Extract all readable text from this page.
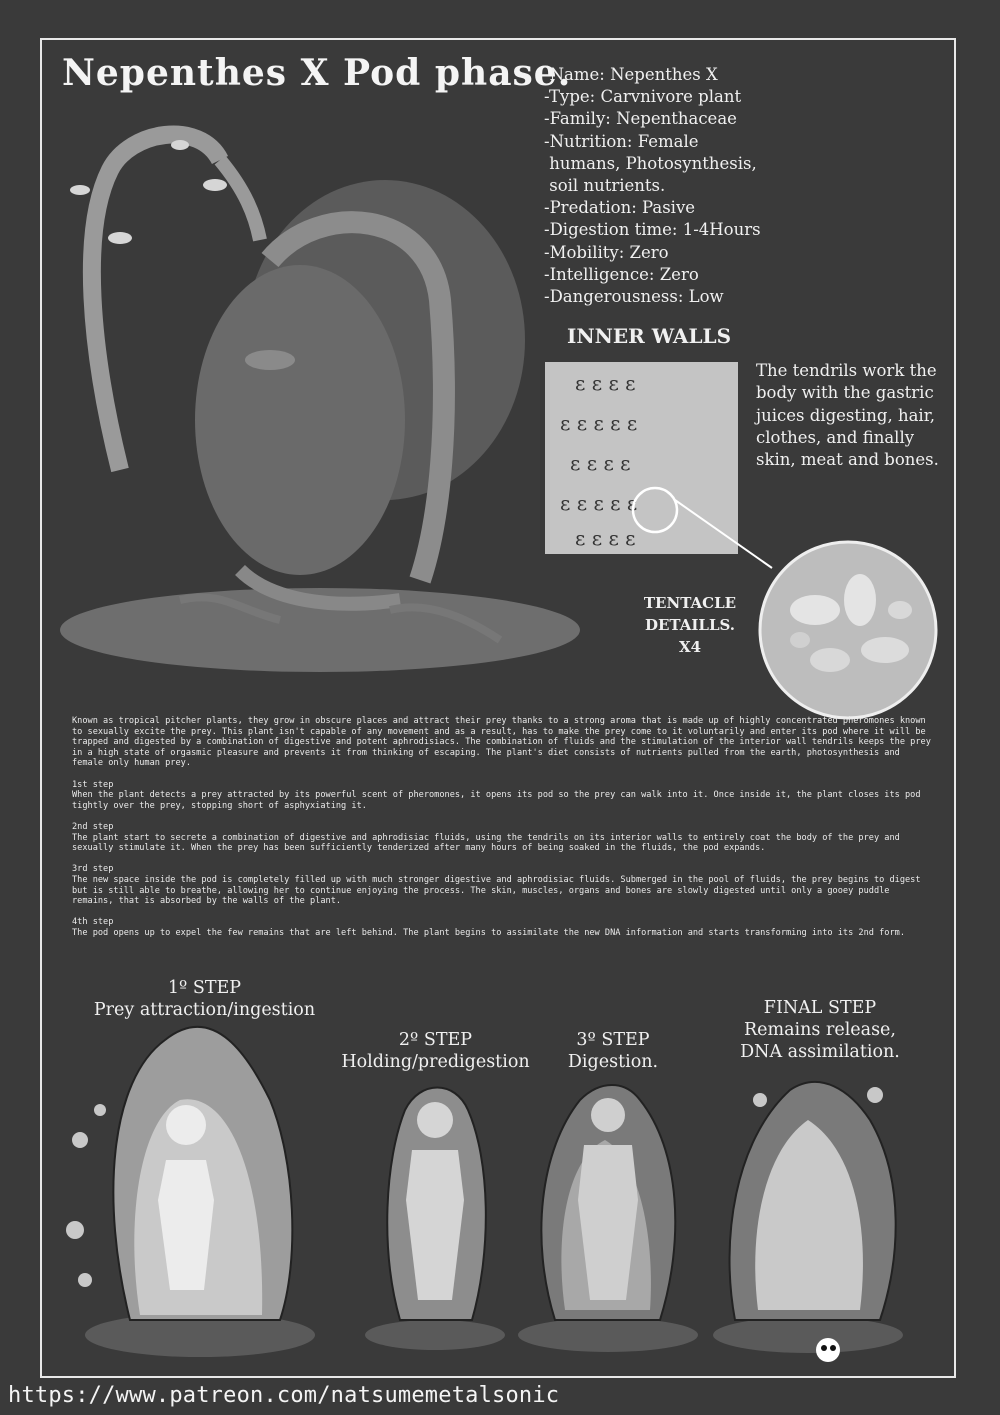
ε ε ε ε
ε ε ε ε ε
ε ε ε ε
ε ε ε ε ε
ε ε ε ε
Nepenthes X Pod phase.
-Name: Nepenthes X
-Type: Carvnivore plant
-Family: Nepenthaceae
-Nutrition: Female
humans, Photosynthesis,
soil nutrients.
-Predation: Pasive
-Digestion time: 1-4Hours
-Mobility: Zero
-Intelligence: Zero
-Dangerousness: Low
INNER WALLS
The tendrils work the body with the gastric juices digesting, hair, clothes, and finally skin, meat and bones.
TENTACLE
DETAILLS.
X4

Known as tropical pitcher plants, they grow in obscure places and attract their prey thanks to a strong aroma that is made up of highly concentrated pheromones known to sexually excite the prey. This plant isn't capable of any movement and as a result, has to make the prey come to it voluntarily and enter its pod where it will be trapped and digested by a combination of digestive and potent aphrodisiacs. The combination of fluids and the stimulation of the interior wall tendrils keeps the prey in a high state of orgasmic pleasure and prevents it from thinking of escaping. The plant's diet consists of nutrients pulled from the earth, photosynthesis and female only human prey.

1st step
When the plant detects a prey attracted by its powerful scent of pheromones, it opens its pod so the prey can walk into it. Once inside it, the plant closes its pod tightly over the prey, stopping short of asphyxiating it.

2nd step
The plant start to secrete a combination of digestive and aphrodisiac fluids, using the tendrils on its interior walls to entirely coat the body of the prey and sexually stimulate it. When the prey has been sufficiently tenderized after many hours of being soaked in the fluids, the pod expands.

3rd step
The new space inside the pod is completely filled up with much stronger digestive and aphrodisiac fluids. Submerged in the pool of fluids, the prey begins to digest but is still able to breathe, allowing her to continue enjoying the process. The skin, muscles, organs and bones are slowly digested until only a gooey puddle remains, that is absorbed by the walls of the plant.

4th step
The pod opens up to expel the few remains that are left behind. The plant begins to assimilate the new DNA information and starts transforming into its 2nd form.

1º STEP
Prey attraction/ingestion
2º STEP
Holding/predigestion
3º STEP
Digestion.
FINAL STEP
Remains release,
DNA assimilation.
https://www.patreon.com/natsumemetalsonic
